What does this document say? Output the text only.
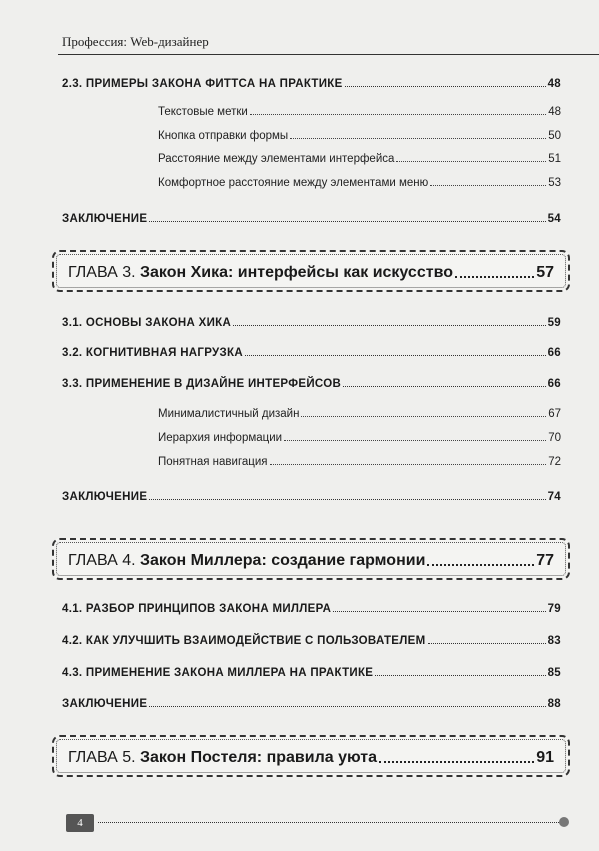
Профессия: Web-дизайнер
2.3. ПРИМЕРЫ ЗАКОНА ФИТТСА НА ПРАКТИКЕ	48
Текстовые метки	48
Кнопка отправки формы	50
Расстояние между элементами интерфейса	51
Комфортное расстояние между элементами меню	53
ЗАКЛЮЧЕНИЕ	54
ГЛАВА 3. Закон Хика: интерфейсы как искусство	57
3.1. ОСНОВЫ ЗАКОНА ХИКА	59
3.2. КОГНИТИВНАЯ НАГРУЗКА	66
3.3. ПРИМЕНЕНИЕ В ДИЗАЙНЕ ИНТЕРФЕЙСОВ	66
Минималистичный дизайн	67
Иерархия информации	70
Понятная навигация	72
ЗАКЛЮЧЕНИЕ	74
ГЛАВА 4. Закон Миллера: создание гармонии	77
4.1. РАЗБОР ПРИНЦИПОВ ЗАКОНА МИЛЛЕРА	79
4.2. КАК УЛУЧШИТЬ ВЗАИМОДЕЙСТВИЕ С ПОЛЬЗОВАТЕЛЕМ	83
4.3. ПРИМЕНЕНИЕ ЗАКОНА МИЛЛЕРА НА ПРАКТИКЕ	85
ЗАКЛЮЧЕНИЕ	88
ГЛАВА 5. Закон Постеля: правила уюта	91
4
